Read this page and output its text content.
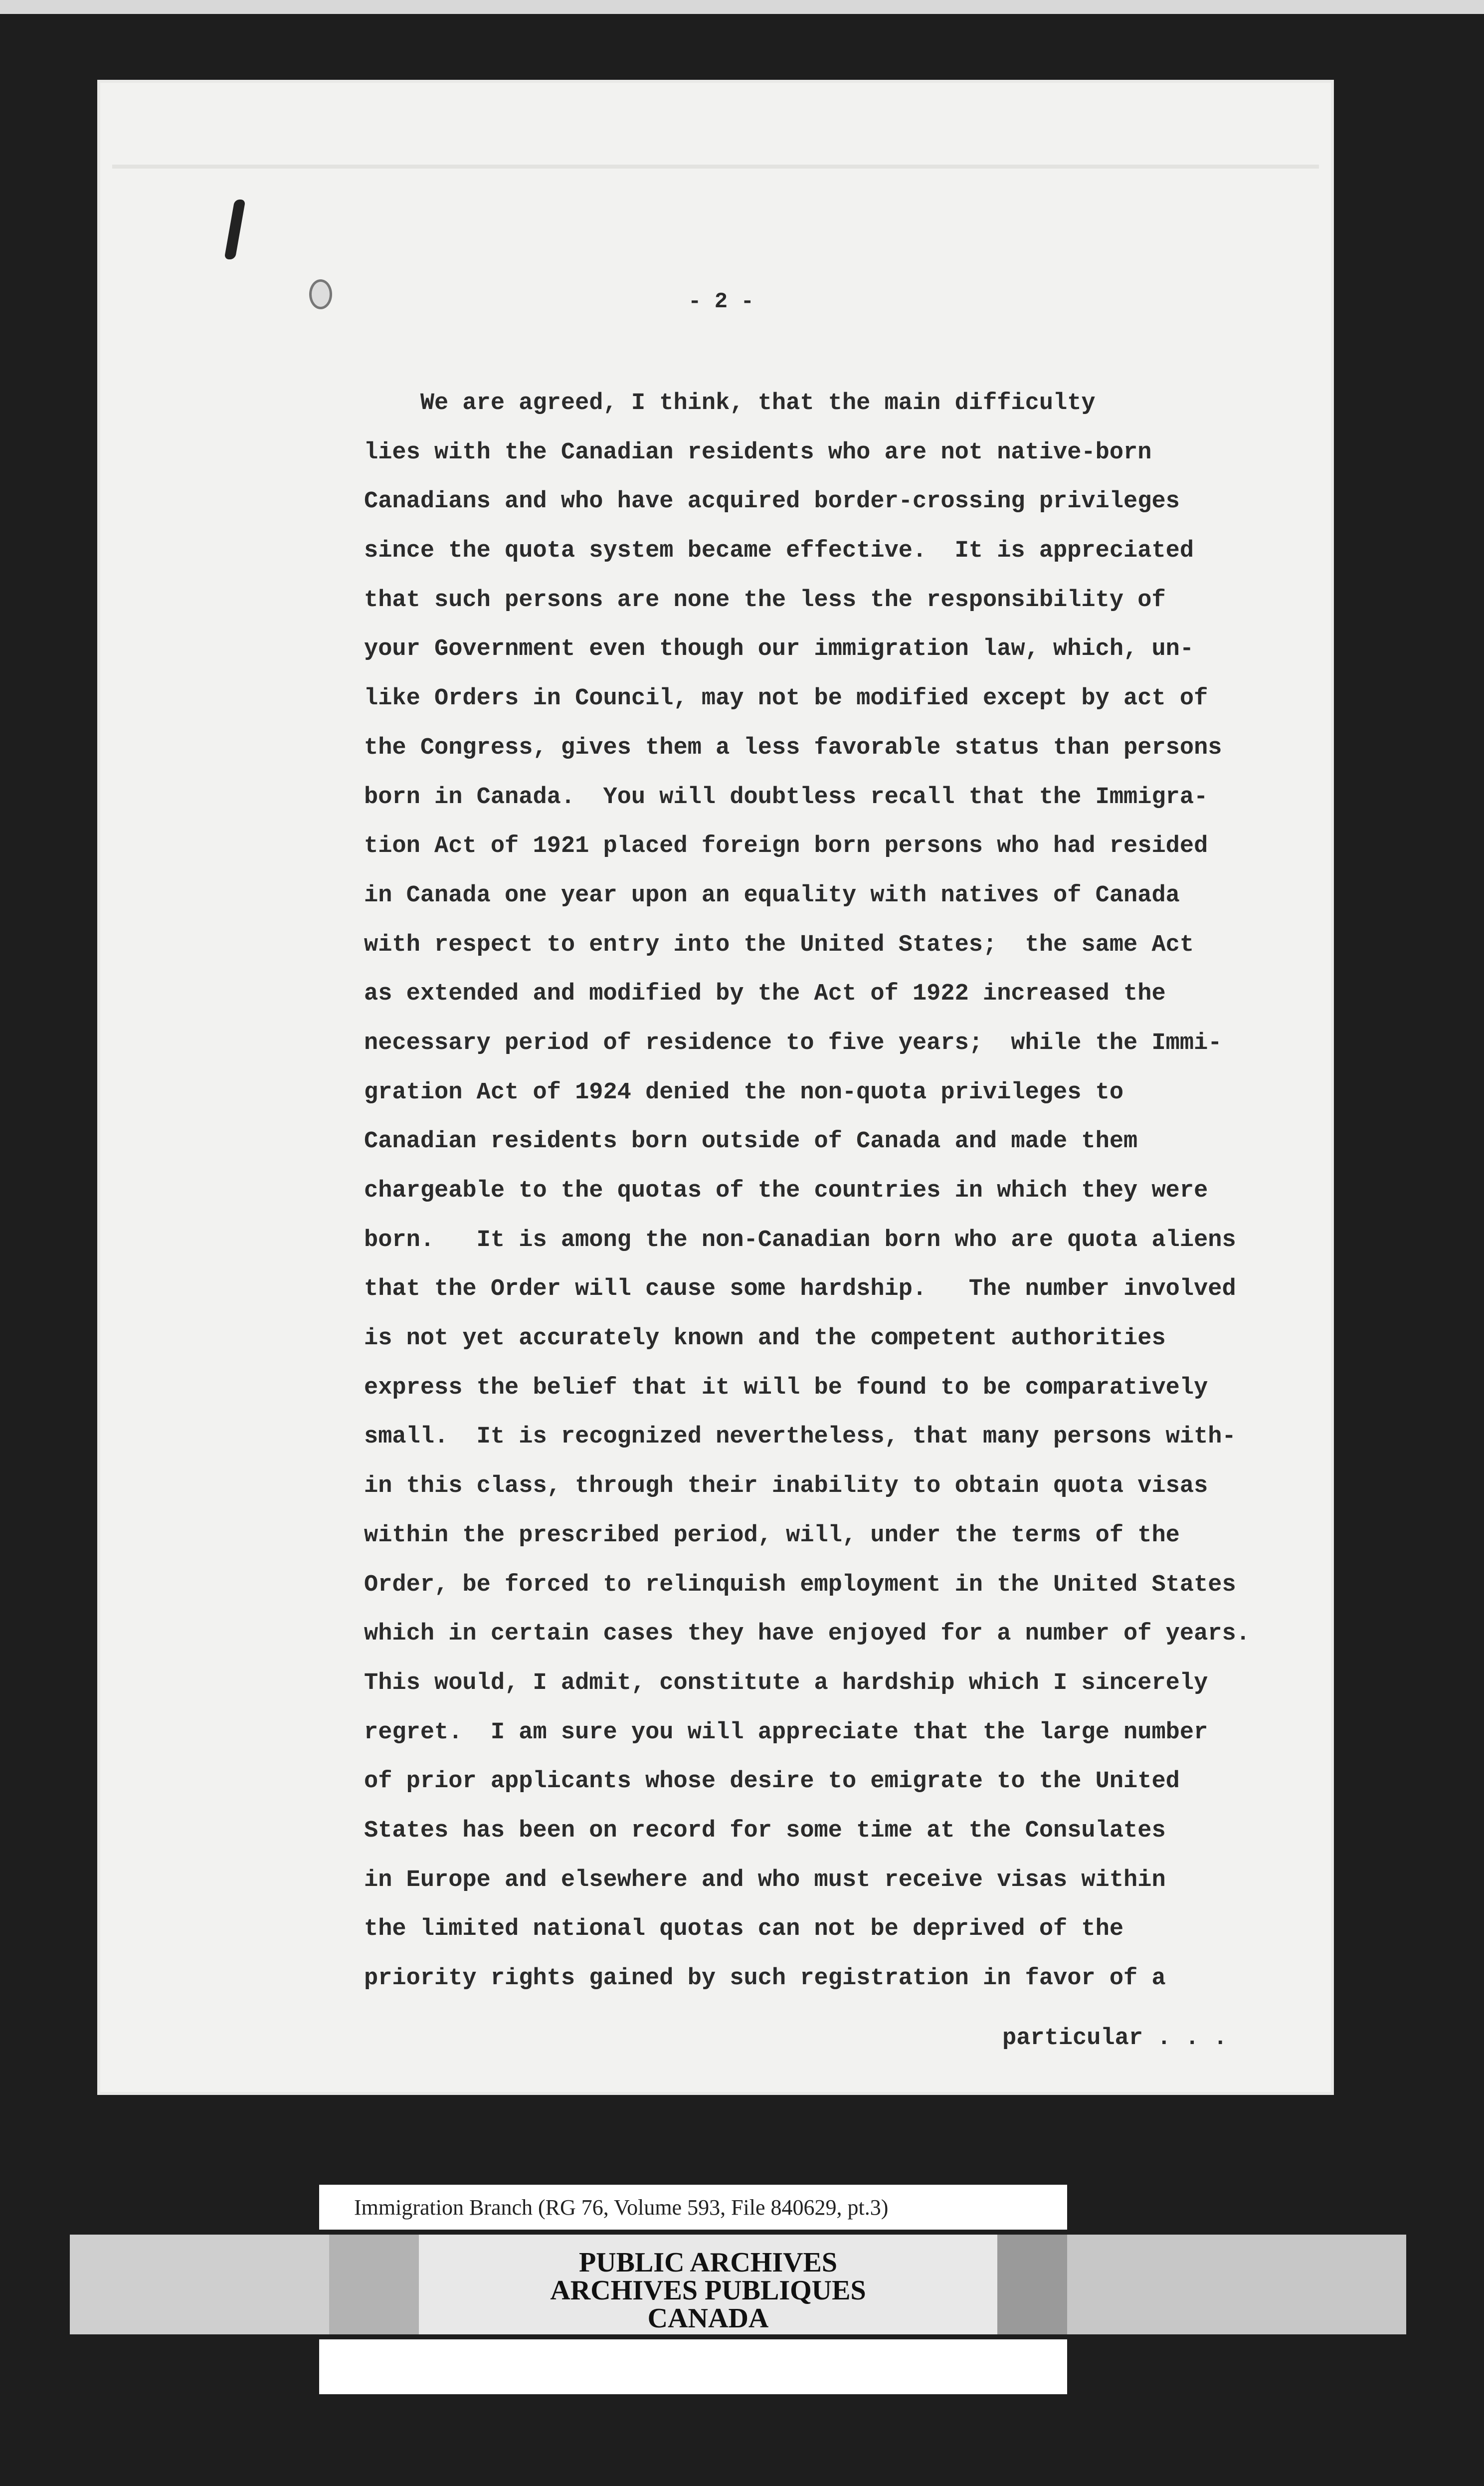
- 2 -
We are agreed, I think, that the main difficulty
lies with the Canadian residents who are not native-born
Canadians and who have acquired border-crossing privileges
since the quota system became effective.  It is appreciated
that such persons are none the less the responsibility of
your Government even though our immigration law, which, un-
like Orders in Council, may not be modified except by act of
the Congress, gives them a less favorable status than persons
born in Canada.  You will doubtless recall that the Immigra-
tion Act of 1921 placed foreign born persons who had resided
in Canada one year upon an equality with natives of Canada
with respect to entry into the United States;  the same Act
as extended and modified by the Act of 1922 increased the
necessary period of residence to five years;  while the Immi-
gration Act of 1924 denied the non-quota privileges to
Canadian residents born outside of Canada and made them
chargeable to the quotas of the countries in which they were
born.   It is among the non-Canadian born who are quota aliens
that the Order will cause some hardship.   The number involved
is not yet accurately known and the competent authorities
express the belief that it will be found to be comparatively
small.  It is recognized nevertheless, that many persons with-
in this class, through their inability to obtain quota visas
within the prescribed period, will, under the terms of the
Order, be forced to relinquish employment in the United States
which in certain cases they have enjoyed for a number of years.
This would, I admit, constitute a hardship which I sincerely
regret.  I am sure you will appreciate that the large number
of prior applicants whose desire to emigrate to the United
States has been on record for some time at the Consulates
in Europe and elsewhere and who must receive visas within
the limited national quotas can not be deprived of the
priority rights gained by such registration in favor of a
particular . . .
Immigration Branch (RG 76, Volume 593, File 840629, pt.3)
PUBLIC ARCHIVES
ARCHIVES PUBLIQUES
CANADA
